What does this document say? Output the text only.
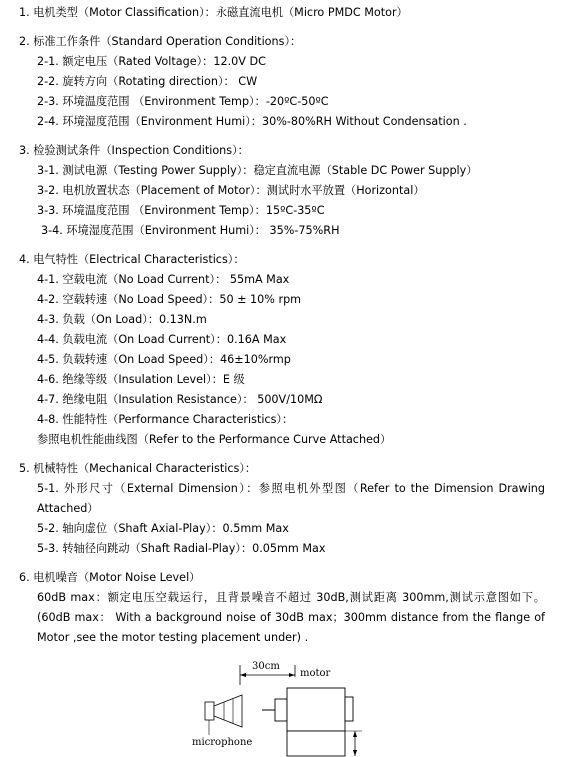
1. 电机类型（Motor Classification）：永磁直流电机（Micro PMDC Motor）
2. 标准工作条件（Standard Operation Conditions）：
2-1. 额定电压（Rated Voltage）：12.0V DC
2-2. 旋转方向（Rotating direction）： CW
2-3. 环境温度范围 （Environment Temp）：-20ºC-50ºC
2-4. 环境湿度范围（Environment Humi）：30%-80%RH Without Condensation .
3. 检验测试条件（Inspection Conditions）：
3-1. 测试电源（Testing Power Supply）：稳定直流电源（Stable DC Power Supply）
3-2. 电机放置状态（Placement of Motor）：测试时水平放置（Horizontal）
3-3. 环境温度范围 （Environment Temp）：15ºC-35ºC
3-4. 环境湿度范围（Environment Humi）： 35%-75%RH
4. 电气特性（Electrical Characteristics）：
4-1. 空载电流（No Load Current）： 55mA Max
4-2. 空载转速（No Load Speed）：50 ± 10% rpm
4-3. 负载（On Load）：0.13N.m
4-4. 负载电流（On Load Current）：0.16A Max
4-5. 负载转速（On Load Speed）：46±10%rmp
4-6. 绝缘等级（Insulation Level）：E 级
4-7. 绝缘电阻（Insulation Resistance）： 500V/10MΩ
4-8. 性能特性（Performance Characteristics）：
参照电机性能曲线图（Refer to the Performance Curve Attached）
5. 机械特性（Mechanical Characteristics）：
5-1. 外形尺寸（External Dimension）：参照电机外型图（Refer to the Dimension Drawing Attached）
5-2. 轴向虚位（Shaft Axial-Play）：0.5mm Max
5-3. 转轴径向跳动（Shaft Radial-Play）：0.05mm Max
6. 电机噪音（Motor Noise Level）
60dB max：额定电压空载运行，且背景噪音不超过 30dB,测试距离 300mm,测试示意图如下。(60dB max： With a background noise of 30dB max；300mm distance from the flange of Motor ,see the motor testing placement under) .
30cm
motor
microphone
